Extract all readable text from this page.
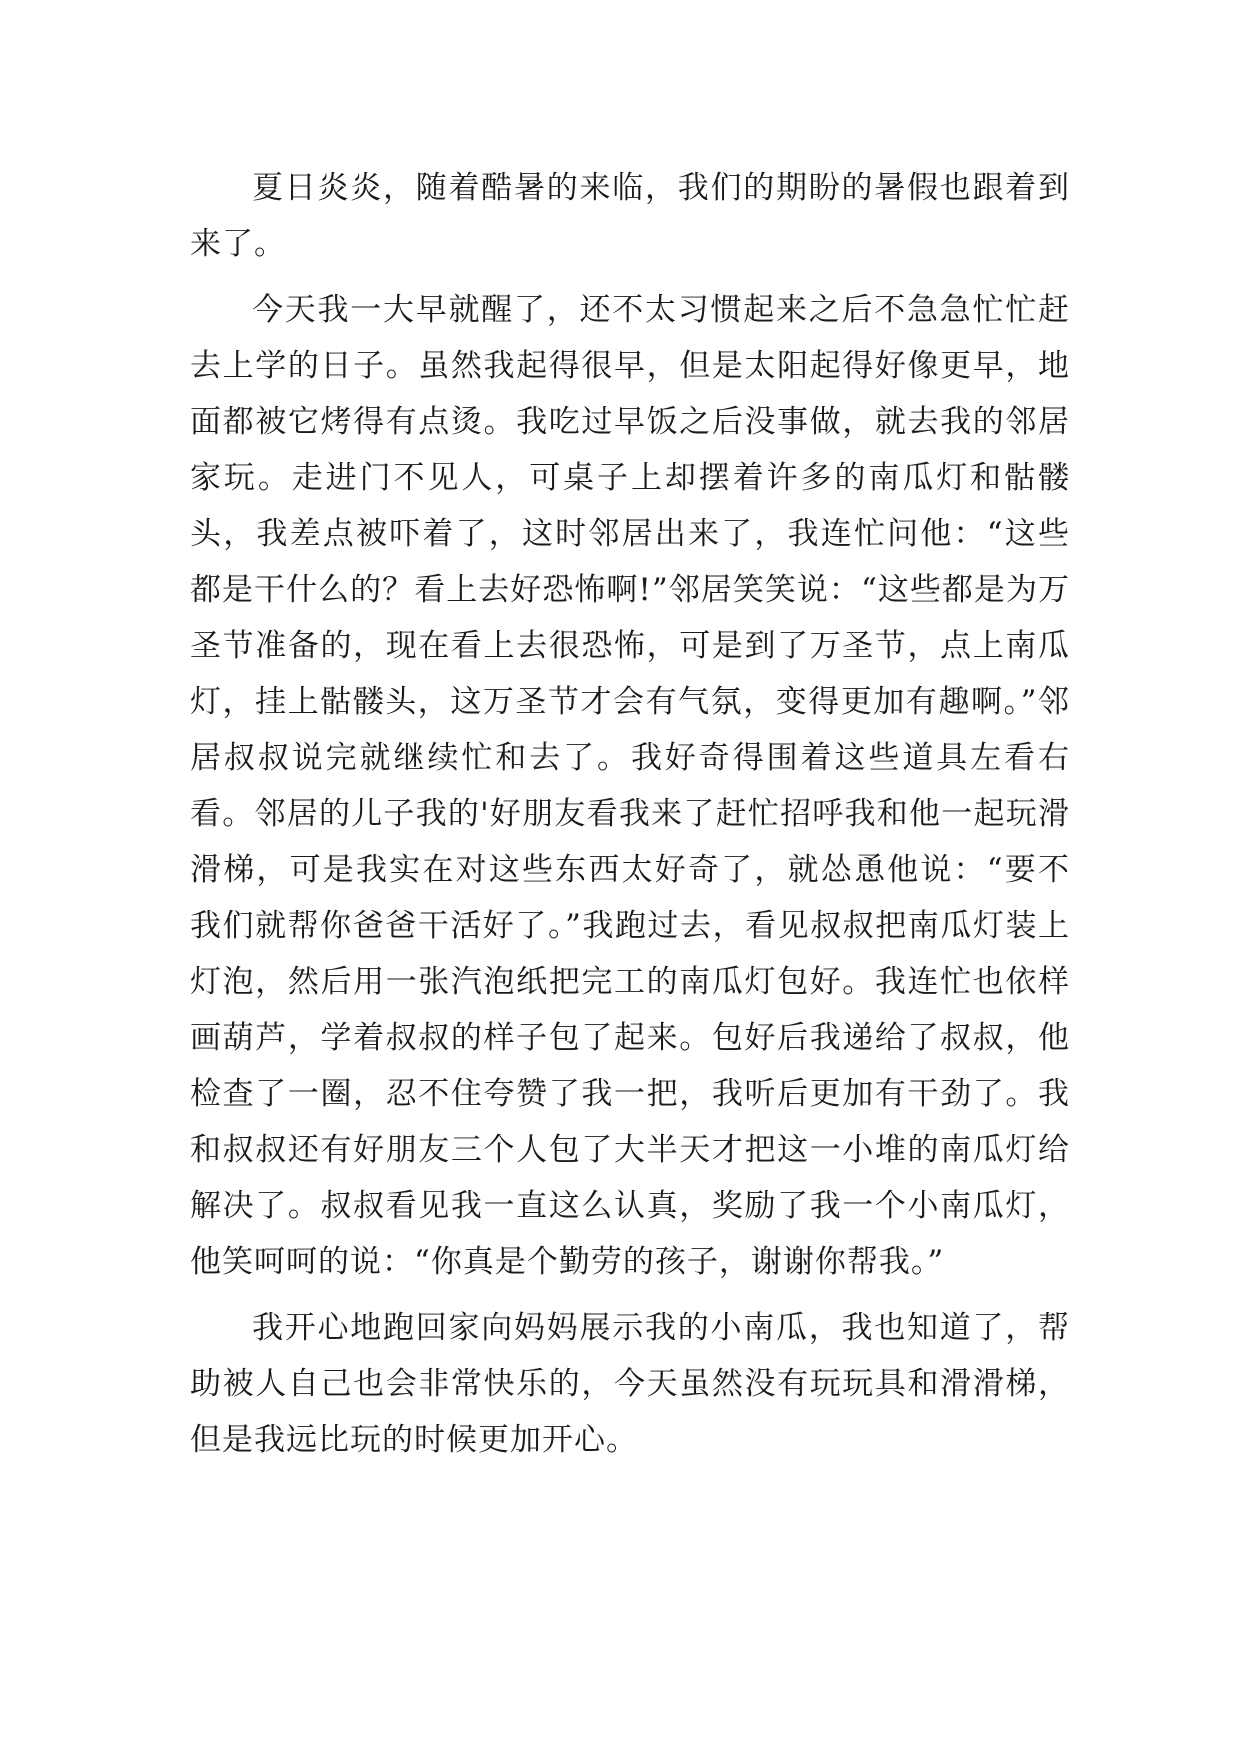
夏日炎炎，随着酷暑的来临，我们的期盼的暑假也跟着到来了。

今天我一大早就醒了，还不太习惯起来之后不急急忙忙赶去上学的日子。虽然我起得很早，但是太阳起得好像更早，地面都被它烤得有点烫。我吃过早饭之后没事做，就去我的邻居家玩。走进门不见人，可桌子上却摆着许多的南瓜灯和骷髅头，我差点被吓着了，这时邻居出来了，我连忙问他：“这些都是干什么的？看上去好恐怖啊!”邻居笑笑说：“这些都是为万圣节准备的，现在看上去很恐怖，可是到了万圣节，点上南瓜灯，挂上骷髅头，这万圣节才会有气氛，变得更加有趣啊。”邻居叔叔说完就继续忙和去了。我好奇得围着这些道具左看右看。邻居的儿子我的'好朋友看我来了赶忙招呼我和他一起玩滑滑梯，可是我实在对这些东西太好奇了，就怂恿他说：“要不我们就帮你爸爸干活好了。”我跑过去，看见叔叔把南瓜灯装上灯泡，然后用一张汽泡纸把完工的南瓜灯包好。我连忙也依样画葫芦，学着叔叔的样子包了起来。包好后我递给了叔叔，他检查了一圈，忍不住夸赞了我一把，我听后更加有干劲了。我和叔叔还有好朋友三个人包了大半天才把这一小堆的南瓜灯给解决了。叔叔看见我一直这么认真，奖励了我一个小南瓜灯，他笑呵呵的说：“你真是个勤劳的孩子，谢谢你帮我。”

我开心地跑回家向妈妈展示我的小南瓜，我也知道了，帮助被人自己也会非常快乐的，今天虽然没有玩玩具和滑滑梯，但是我远比玩的时候更加开心。
